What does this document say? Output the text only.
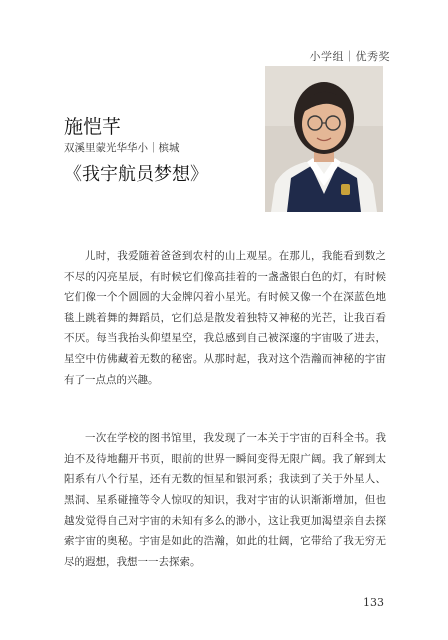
小学组｜优秀奖
施恺芊
双溪里蒙光华华小｜槟城
《我宇航员梦想》

儿时，我爱随着爸爸到农村的山上观星。在那儿，我能看到数之不尽的闪亮星辰，有时候它们像高挂着的一盏盏银白色的灯，有时候它们像一个个圆圆的大金牌闪着小星光。有时候又像一个在深蓝色地毯上跳着舞的舞蹈员，它们总是散发着独特又神秘的光芒，让我百看不厌。每当我抬头仰望星空，我总感到自己被深邃的宇宙吸了进去，星空中仿佛藏着无数的秘密。从那时起，我对这个浩瀚而神秘的宇宙有了一点点的兴趣。

一次在学校的图书馆里，我发现了一本关于宇宙的百科全书。我迫不及待地翻开书页，眼前的世界一瞬间变得无限广阔。我了解到太阳系有八个行星，还有无数的恒星和银河系；我读到了关于外星人、黑洞、星系碰撞等令人惊叹的知识，我对宇宙的认识渐渐增加，但也越发觉得自己对宇宙的未知有多么的渺小，这让我更加渴望亲自去探索宇宙的奥秘。宇宙是如此的浩瀚，如此的壮阔，它带给了我无穷无尽的遐想，我想一一去探索。

133
